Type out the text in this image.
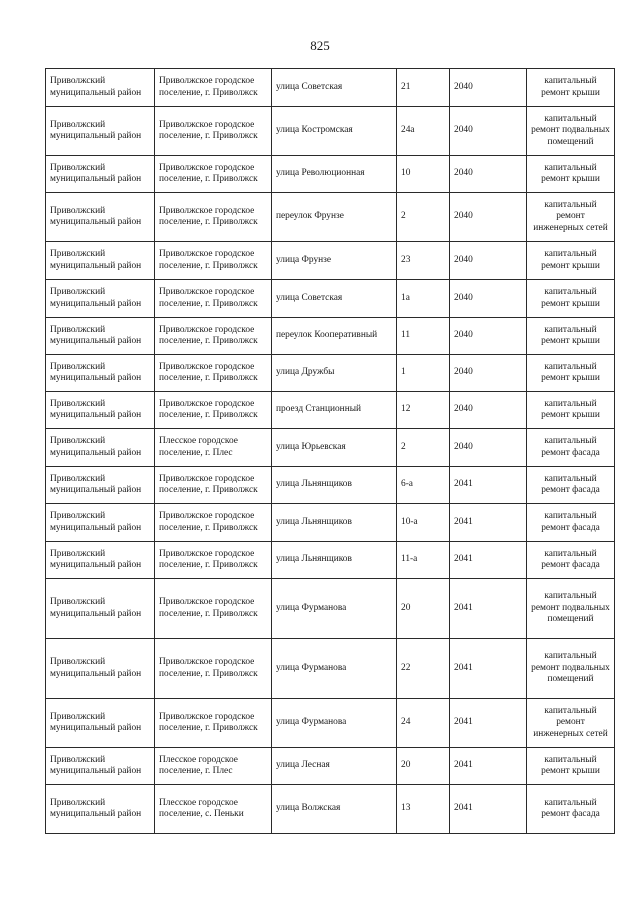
825
Приволжский муниципальный район	Приволжское городское поселение, г. Приволжск	улица Советская	21	2040	капитальный ремонт крыши
Приволжский муниципальный район	Приволжское городское поселение, г. Приволжск	улица Костромская	24а	2040	капитальный ремонт подвальных помещений
Приволжский муниципальный район	Приволжское городское поселение, г. Приволжск	улица Революционная	10	2040	капитальный ремонт крыши
Приволжский муниципальный район	Приволжское городское поселение, г. Приволжск	переулок Фрунзе	2	2040	капитальный ремонт инженерных сетей
Приволжский муниципальный район	Приволжское городское поселение, г. Приволжск	улица Фрунзе	23	2040	капитальный ремонт крыши
Приволжский муниципальный район	Приволжское городское поселение, г. Приволжск	улица Советская	1а	2040	капитальный ремонт крыши
Приволжский муниципальный район	Приволжское городское поселение, г. Приволжск	переулок Кооперативный	11	2040	капитальный ремонт крыши
Приволжский муниципальный район	Приволжское городское поселение, г. Приволжск	улица Дружбы	1	2040	капитальный ремонт крыши
Приволжский муниципальный район	Приволжское городское поселение, г. Приволжск	проезд Станционный	12	2040	капитальный ремонт крыши
Приволжский муниципальный район	Плесское городское поселение, г. Плес	улица Юрьевская	2	2040	капитальный ремонт фасада
Приволжский муниципальный район	Приволжское городское поселение, г. Приволжск	улица Льнянщиков	6-а	2041	капитальный ремонт фасада
Приволжский муниципальный район	Приволжское городское поселение, г. Приволжск	улица Льнянщиков	10-а	2041	капитальный ремонт фасада
Приволжский муниципальный район	Приволжское городское поселение, г. Приволжск	улица Льнянщиков	11-а	2041	капитальный ремонт фасада
Приволжский муниципальный район	Приволжское городское поселение, г. Приволжск	улица Фурманова	20	2041	капитальный ремонт подвальных помещений
Приволжский муниципальный район	Приволжское городское поселение, г. Приволжск	улица Фурманова	22	2041	капитальный ремонт подвальных помещений
Приволжский муниципальный район	Приволжское городское поселение, г. Приволжск	улица Фурманова	24	2041	капитальный ремонт инженерных сетей
Приволжский муниципальный район	Плесское городское поселение, г. Плес	улица Лесная	20	2041	капитальный ремонт крыши
Приволжский муниципальный район	Плесское городское поселение, с. Пеньки	улица Волжская	13	2041	капитальный ремонт фасада
